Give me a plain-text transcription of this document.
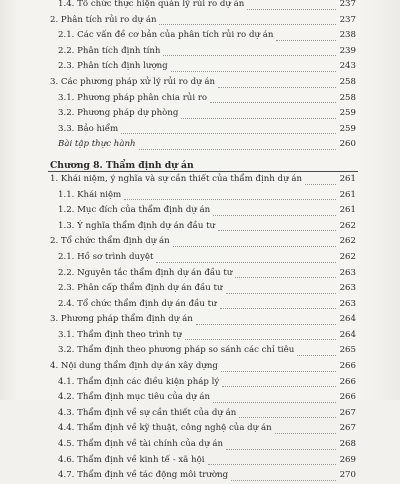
1.4. Tổ chức thực hiện quản lý rủi ro dự án	237
2. Phân tích rủi ro dự án	237
2.1. Các vấn đề cơ bản của phân tích rủi ro dự án	238
2.2. Phân tích định tính	239
2.3. Phân tích định lượng	243
3. Các phương pháp xử lý rủi ro dự án	258
3.1. Phương pháp phân chia rủi ro	258
3.2. Phương pháp dự phòng	259
3.3. Bảo hiểm	259
Bài tập thực hành	260
Chương 8. Thẩm định dự án
1. Khái niệm, ý nghĩa và sự cần thiết của thẩm định dự án	261
1.1. Khái niệm	261
1.2. Mục đích của thẩm định dự án	261
1.3. Ý nghĩa thẩm định dự án đầu tư	262
2. Tổ chức thẩm định dự án	262
2.1. Hồ sơ trình duyệt	262
2.2. Nguyên tắc thẩm định dự án đầu tư	263
2.3. Phân cấp thẩm định dự án đầu tư	263
2.4. Tổ chức thẩm định dự án đầu tư	263
3. Phương pháp thẩm định dự án	264
3.1. Thẩm định theo trình tự	264
3.2. Thẩm định theo phương pháp so sánh các chỉ tiêu	265
4. Nội dung thẩm định dự án xây dựng	266
4.1. Thẩm định các điều kiện pháp lý	266
4.2. Thẩm định mục tiêu của dự án	266
4.3. Thẩm định về sự cần thiết của dự án	267
4.4. Thẩm định về kỹ thuật, công nghệ của dự án	267
4.5. Thẩm định về tài chính của dự án	268
4.6. Thẩm định về kinh tế - xã hội	269
4.7. Thẩm định về tác động môi trường	270
